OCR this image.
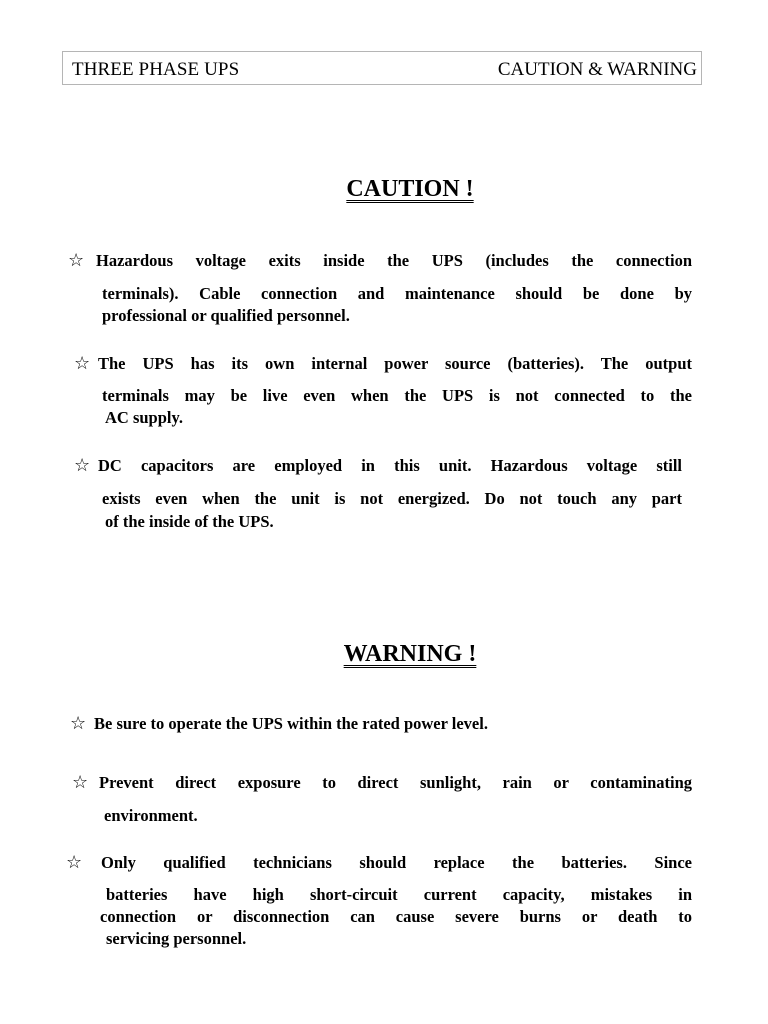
THREE PHASE UPS	CAUTION & WARNING
CAUTION !
☆ Hazardous voltage exits inside the UPS (includes the connection
terminals). Cable connection and maintenance should be done by
professional or qualified personnel.
☆ The UPS has its own internal power source (batteries). The output
terminals may be live even when the UPS is not connected to the
AC supply.
☆ DC capacitors are employed in this unit. Hazardous voltage still
exists even when the unit is not energized. Do not touch any part
of the inside of the UPS.
WARNING !
☆ Be sure to operate the UPS within the rated power level.
☆ Prevent direct exposure to direct sunlight, rain or contaminating
environment.
☆ Only qualified technicians should replace the batteries. Since
batteries have high short-circuit current capacity, mistakes in
connection or disconnection can cause severe burns or death to
servicing personnel.
